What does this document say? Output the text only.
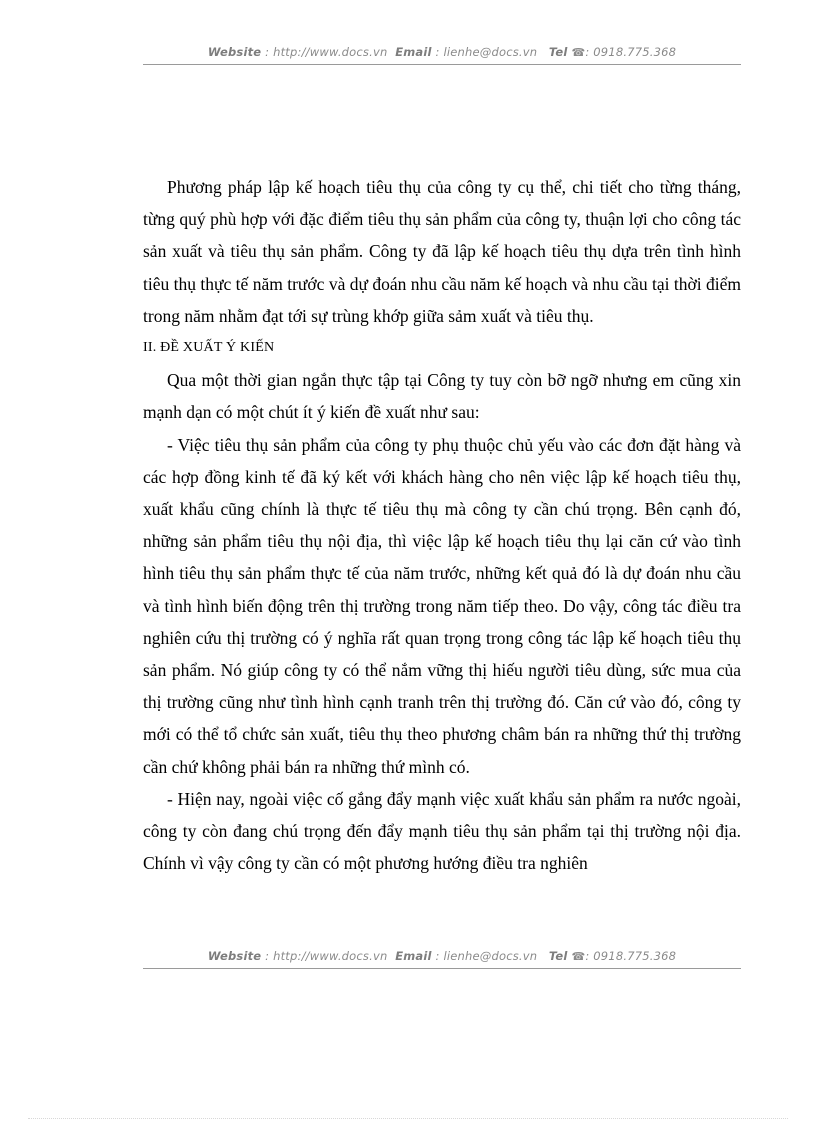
Website : http://www.docs.vn Email : lienhe@docs.vn Tel ☎: 0918.775.368

Phương pháp lập kế hoạch tiêu thụ của công ty cụ thể, chi tiết cho từng tháng, từng quý phù hợp với đặc điểm tiêu thụ sản phẩm của công ty, thuận lợi cho công tác sản xuất và tiêu thụ sản phẩm. Công ty đã lập kế hoạch tiêu thụ dựa trên tình hình tiêu thụ thực tế năm trước và dự đoán nhu cầu năm kế hoạch và nhu cầu tại thời điểm trong năm nhằm đạt tới sự trùng khớp giữa sảm xuất và tiêu thụ.

II. ĐỀ XUẤT Ý KIẾN

Qua một thời gian ngắn thực tập tại Công ty tuy còn bỡ ngỡ nhưng em cũng xin mạnh dạn có một chút ít ý kiến đề xuất như sau:

- Việc tiêu thụ sản phẩm của công ty phụ thuộc chủ yếu vào các đơn đặt hàng và các hợp đồng kinh tế đã ký kết với khách hàng cho nên việc lập kế hoạch tiêu thụ, xuất khẩu cũng chính là thực tế tiêu thụ mà công ty cần chú trọng. Bên cạnh đó, những sản phẩm tiêu thụ nội địa, thì việc lập kế hoạch tiêu thụ lại căn cứ vào tình hình tiêu thụ sản phẩm thực tế của năm trước, những kết quả đó là dự đoán nhu cầu và tình hình biến động trên thị trường trong năm tiếp theo. Do vậy, công tác điều tra nghiên cứu thị trường có ý nghĩa rất quan trọng trong công tác lập kế hoạch tiêu thụ sản phẩm. Nó giúp công ty có thể nắm vững thị hiếu người tiêu dùng, sức mua của thị trường cũng như tình hình cạnh tranh trên thị trường đó. Căn cứ vào đó, công ty mới có thể tổ chức sản xuất, tiêu thụ theo phương châm bán ra những thứ thị trường cần chứ không phải bán ra những thứ mình có.

- Hiện nay, ngoài việc cố gắng đẩy mạnh việc xuất khẩu sản phẩm ra nước ngoài, công ty còn đang chú trọng đến đẩy mạnh tiêu thụ sản phẩm tại thị trường nội địa. Chính vì vậy công ty cần có một phương hướng điều tra nghiên

Website : http://www.docs.vn Email : lienhe@docs.vn Tel ☎: 0918.775.368
